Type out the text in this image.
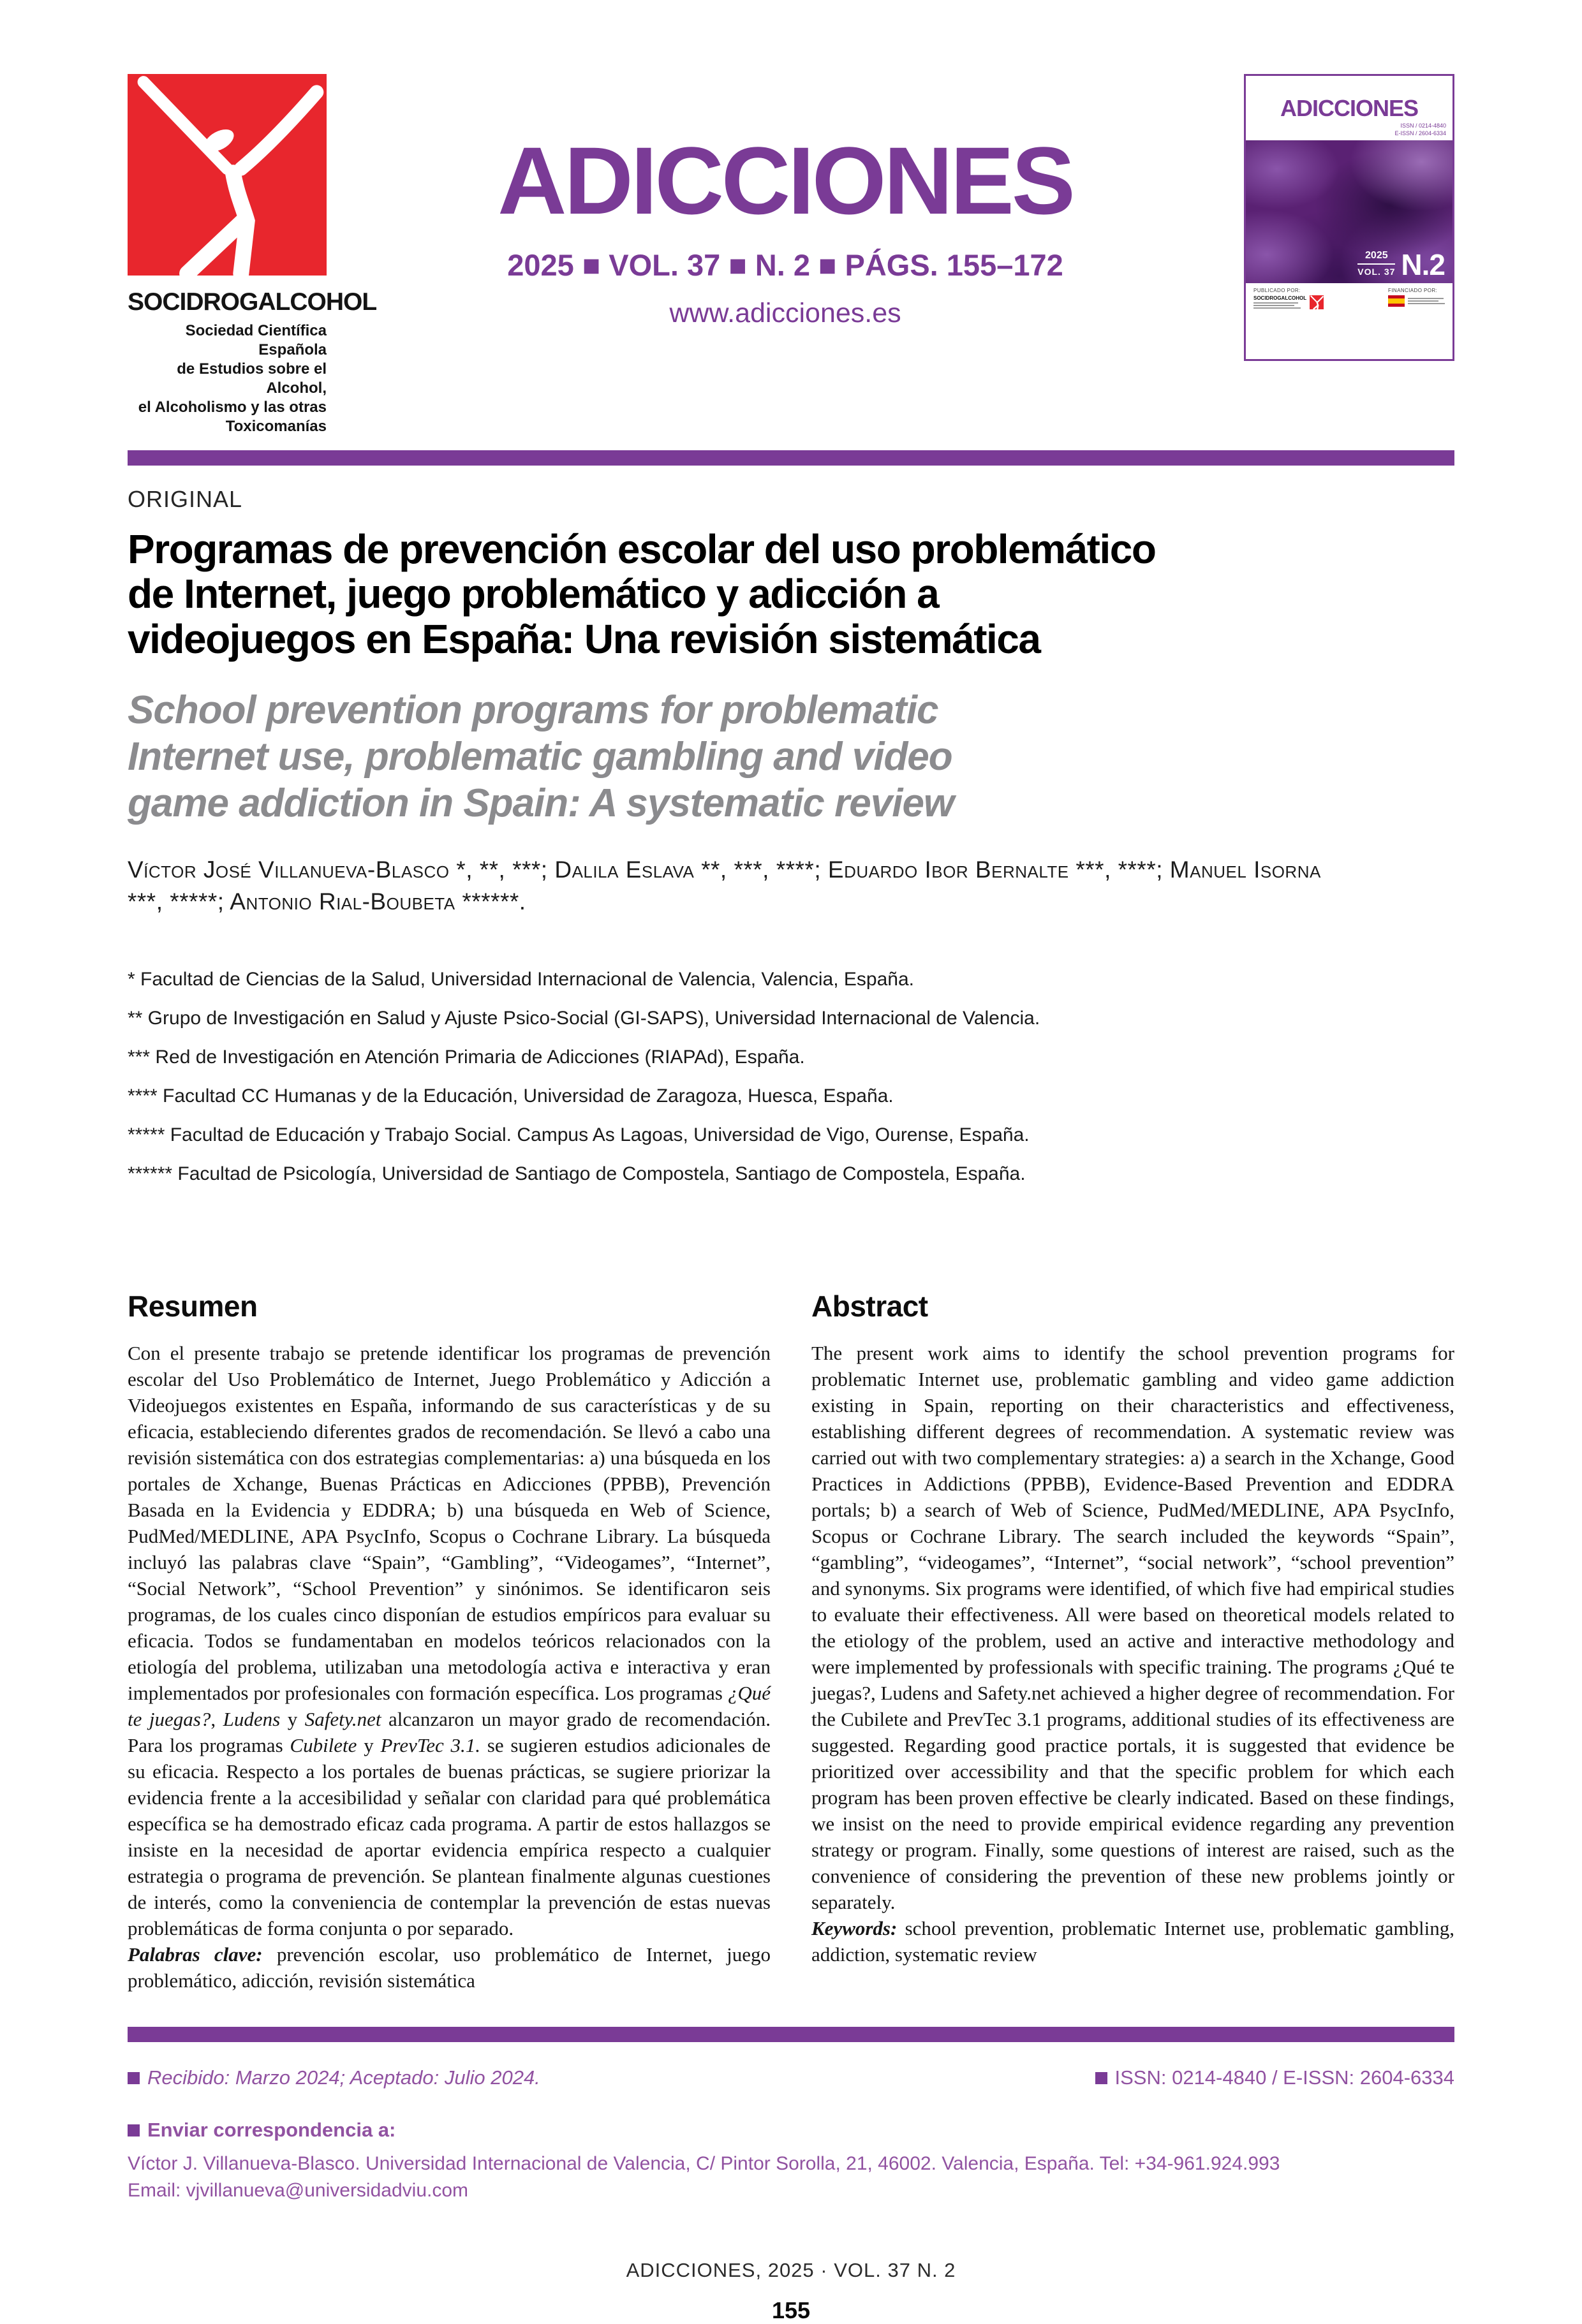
SOCIDROGALCOHOL
Sociedad Científica Española
de Estudios sobre el Alcohol,
el Alcoholismo y las otras Toxicomanías
ADICCIONES
2025 ■ VOL. 37 ■ N. 2 ■ PÁGS. 155–172
www.adicciones.es
ADICCIONES
ISSN / 0214-4840
E-ISSN / 2604-6334
2025
VOL. 37 N.2
PUBLICADO POR:
SOCIDROGALCOHOL
FINANCIADO POR:
ORIGINAL
Programas de prevención escolar del uso problemático
de Internet, juego problemático y adicción a
videojuegos en España: Una revisión sistemática
School prevention programs for problematic
Internet use, problematic gambling and video
game addiction in Spain: A systematic review

Víctor José Villanueva-Blasco *, **, ***; Dalila Eslava **, ***, ****; Eduardo Ibor Bernalte ***, ****; Manuel Isorna
***, *****; Antonio Rial-Boubeta ******.

* Facultad de Ciencias de la Salud, Universidad Internacional de Valencia, Valencia, España.
** Grupo de Investigación en Salud y Ajuste Psico-Social (GI-SAPS), Universidad Internacional de Valencia.
*** Red de Investigación en Atención Primaria de Adicciones (RIAPAd), España.
**** Facultad CC Humanas y de la Educación, Universidad de Zaragoza, Huesca, España.
***** Facultad de Educación y Trabajo Social. Campus As Lagoas, Universidad de Vigo, Ourense, España.
****** Facultad de Psicología, Universidad de Santiago de Compostela, Santiago de Compostela, España.
Resumen

Con el presente trabajo se pretende identificar los programas de prevención escolar del Uso Problemático de Internet, Juego Problemático y Adicción a Videojuegos existentes en España, informando de sus características y de su eficacia, estableciendo diferentes grados de recomendación. Se llevó a cabo una revisión sistemática con dos estrategias complementarias: a) una búsqueda en los portales de Xchange, Buenas Prácticas en Adicciones (PPBB), Prevención Basada en la Evidencia y EDDRA; b) una búsqueda en Web of Science, PudMed/MEDLINE, APA PsycInfo, Scopus o Cochrane Library. La búsqueda incluyó las palabras clave “Spain”, “Gambling”, “Videogames”, “Internet”, “Social Network”, “School Prevention” y sinónimos. Se identificaron seis programas, de los cuales cinco disponían de estudios empíricos para evaluar su eficacia. Todos se fundamentaban en modelos teóricos relacionados con la etiología del problema, utilizaban una metodología activa e interactiva y eran implementados por profesionales con formación específica. Los programas ¿Qué te juegas?, Ludens y Safety.net alcanzaron un mayor grado de recomendación. Para los programas Cubilete y PrevTec 3.1. se sugieren estudios adicionales de su eficacia. Respecto a los portales de buenas prácticas, se sugiere priorizar la evidencia frente a la accesibilidad y señalar con claridad para qué problemática específica se ha demostrado eficaz cada programa. A partir de estos hallazgos se insiste en la necesidad de aportar evidencia empírica respecto a cualquier estrategia o programa de prevención. Se plantean finalmente algunas cuestiones de interés, como la conveniencia de contemplar la prevención de estas nuevas problemáticas de forma conjunta o por separado.

Palabras clave: prevención escolar, uso problemático de Internet, juego problemático, adicción, revisión sistemática

Abstract

The present work aims to identify the school prevention programs for problematic Internet use, problematic gambling and video game addiction existing in Spain, reporting on their characteristics and effectiveness, establishing different degrees of recommendation. A systematic review was carried out with two complementary strategies: a) a search in the Xchange, Good Practices in Addictions (PPBB), Evidence-Based Prevention and EDDRA portals; b) a search of Web of Science, PudMed/MEDLINE, APA PsycInfo, Scopus or Cochrane Library. The search included the keywords “Spain”, “gambling”, “videogames”, “Internet”, “social network”, “school prevention” and synonyms. Six programs were identified, of which five had empirical studies to evaluate their effectiveness. All were based on theoretical models related to the etiology of the problem, used an active and interactive methodology and were implemented by professionals with specific training. The programs ¿Qué te juegas?, Ludens and Safety.net achieved a higher degree of recommendation. For the Cubilete and PrevTec 3.1 programs, additional studies of its effectiveness are suggested. Regarding good practice portals, it is suggested that evidence be prioritized over accessibility and that the specific problem for which each program has been proven effective be clearly indicated. Based on these findings, we insist on the need to provide empirical evidence regarding any prevention strategy or program. Finally, some questions of interest are raised, such as the convenience of considering the prevention of these new problems jointly or separately.

Keywords: school prevention, problematic Internet use, problematic gambling, addiction, systematic review

Recibido: Marzo 2024; Aceptado: Julio 2024.	ISSN: 0214-4840 / E-ISSN: 2604-6334
Enviar correspondencia a:
Víctor J. Villanueva-Blasco. Universidad Internacional de Valencia, C/ Pintor Sorolla, 21, 46002. Valencia, España. Tel: +34-961.924.993
Email: vjvillanueva@universidadviu.com
ADICCIONES, 2025 · VOL. 37 N. 2
155
